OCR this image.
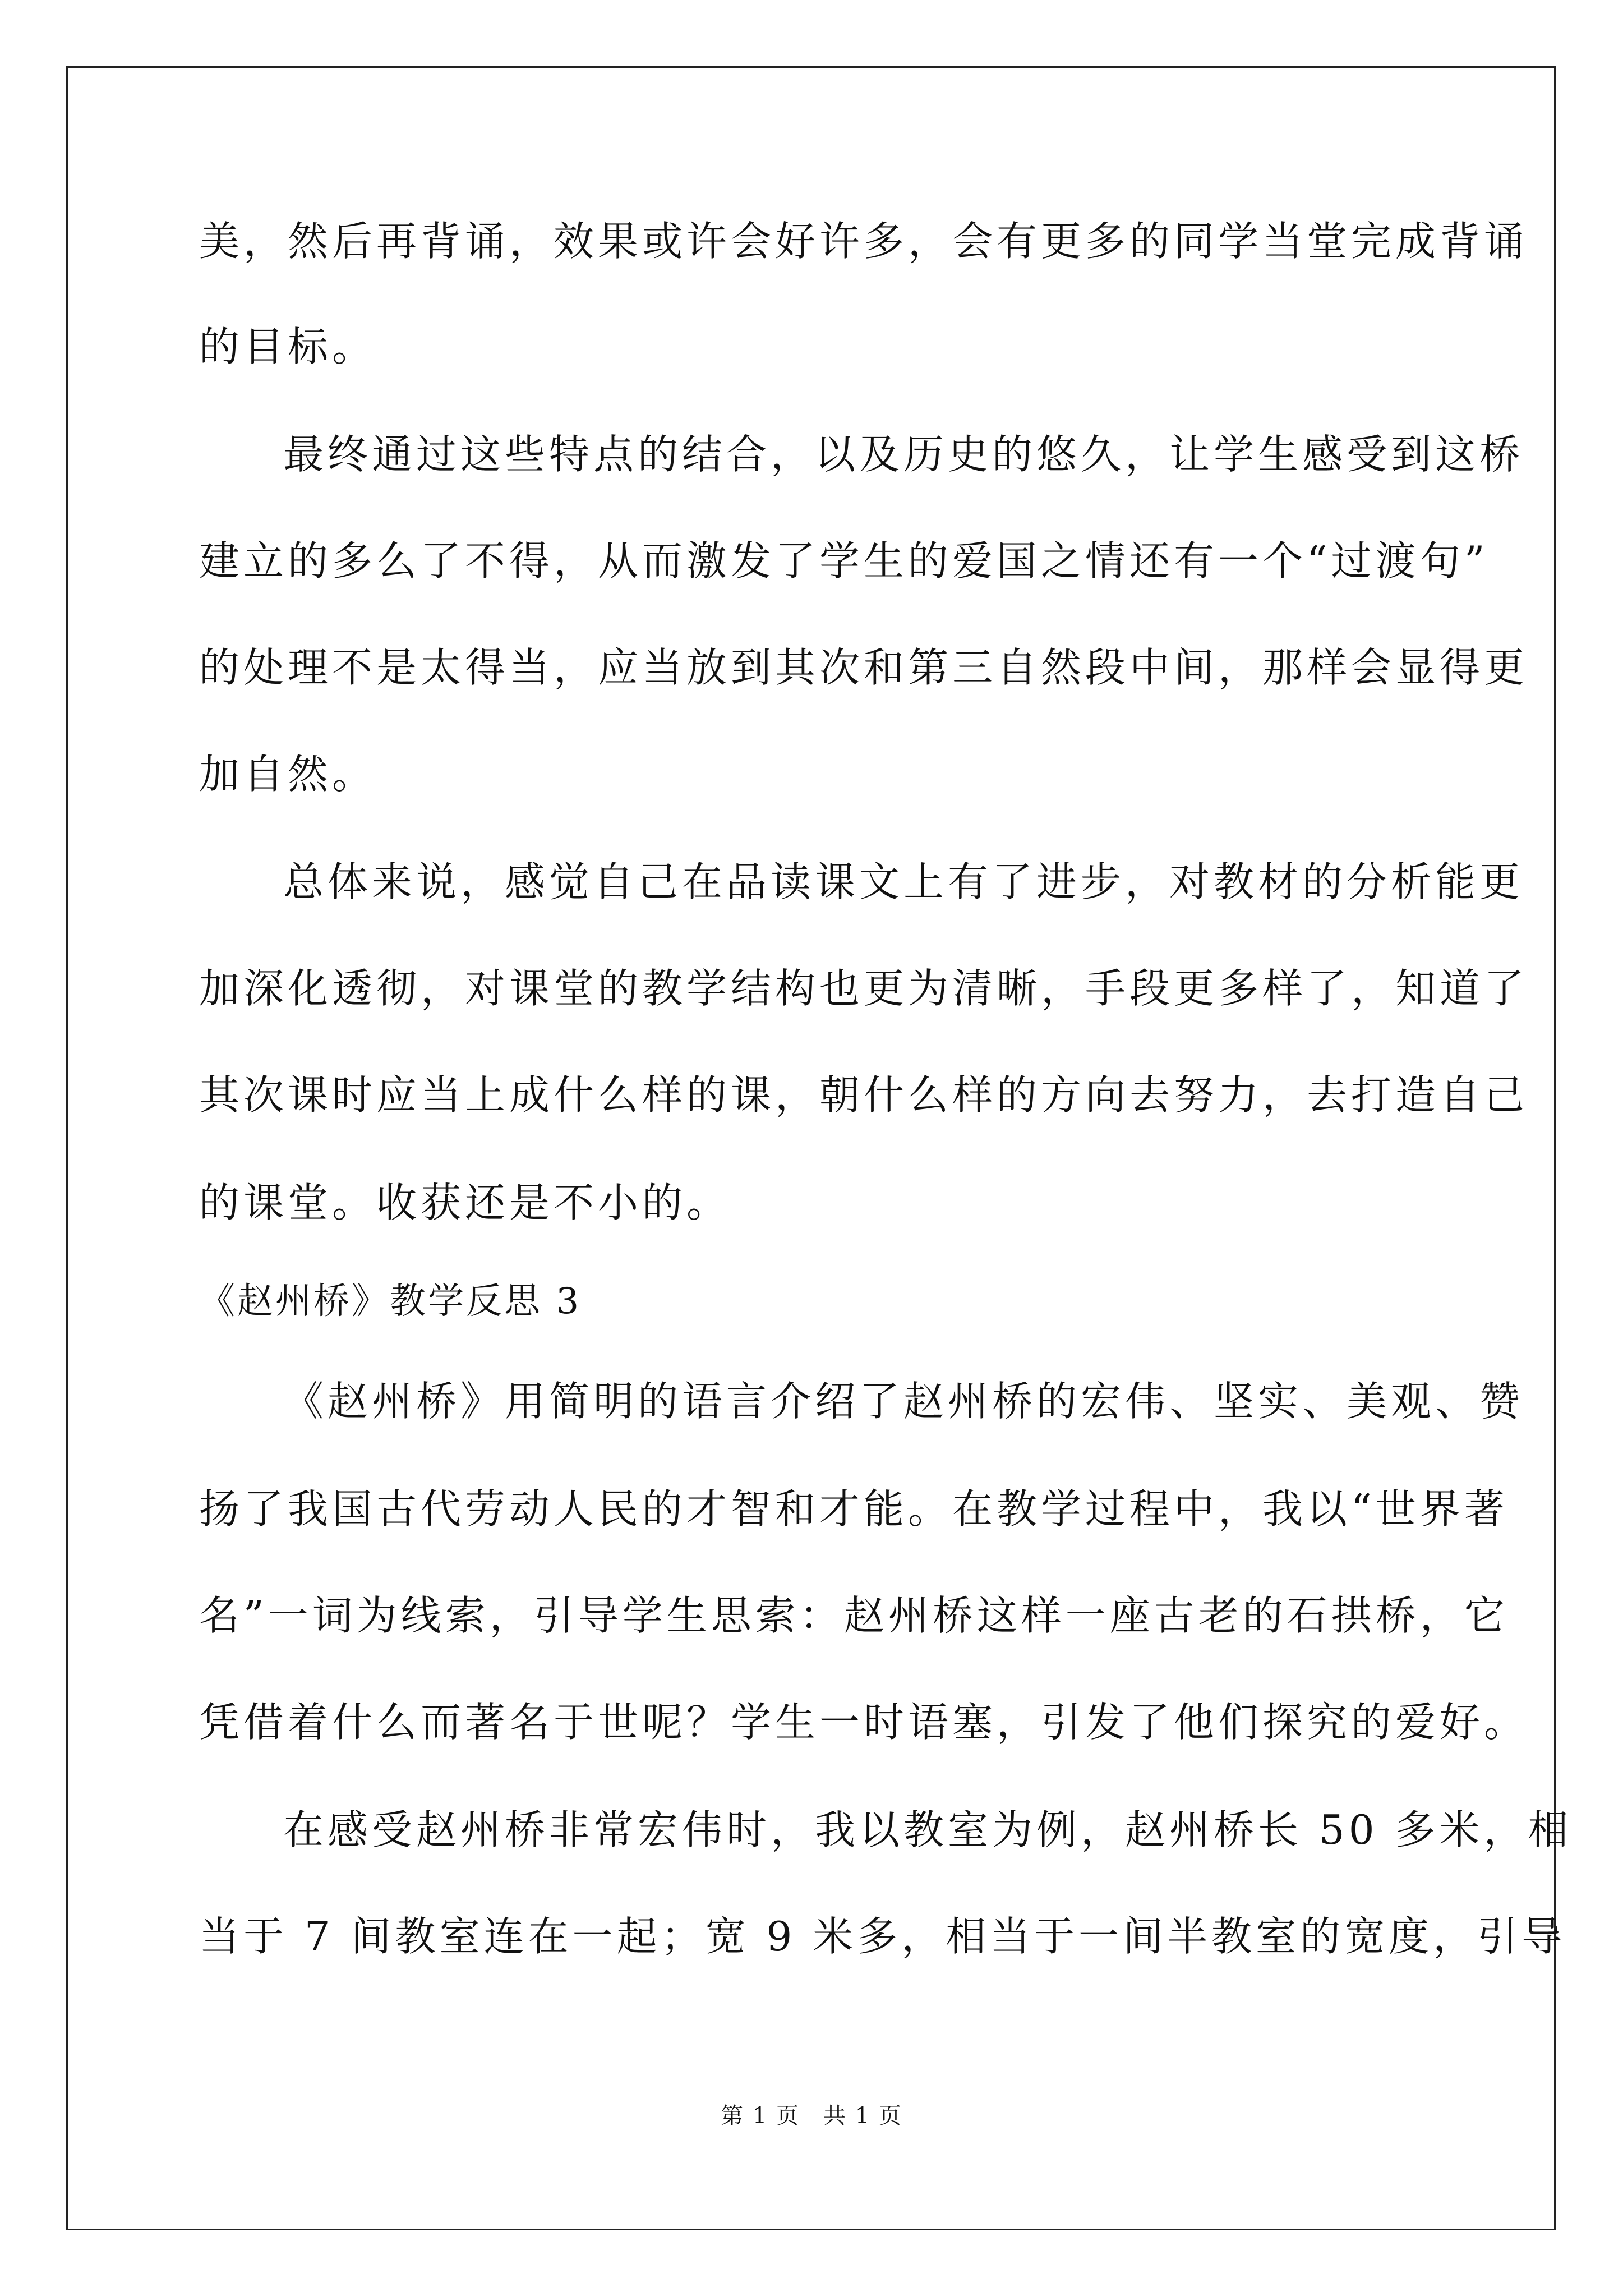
美，然后再背诵，效果或许会好许多，会有更多的同学当堂完成背诵
的目标。
最终通过这些特点的结合，以及历史的悠久，让学生感受到这桥
建立的多么了不得，从而激发了学生的爱国之情还有一个“过渡句”
的处理不是太得当，应当放到其次和第三自然段中间，那样会显得更
加自然。
总体来说，感觉自己在品读课文上有了进步，对教材的分析能更
加深化透彻，对课堂的教学结构也更为清晰，手段更多样了，知道了
其次课时应当上成什么样的课，朝什么样的方向去努力，去打造自己
的课堂。收获还是不小的。
《赵州桥》教学反思 3
《赵州桥》用简明的语言介绍了赵州桥的宏伟、坚实、美观、赞
扬了我国古代劳动人民的才智和才能。在教学过程中，我以“世界著
名”一词为线索，引导学生思索：赵州桥这样一座古老的石拱桥，它
凭借着什么而著名于世呢？学生一时语塞，引发了他们探究的爱好。
在感受赵州桥非常宏伟时，我以教室为例，赵州桥长 50 多米，相
当于 7 间教室连在一起；宽 9 米多，相当于一间半教室的宽度，引导
第 1 页　共 1 页
